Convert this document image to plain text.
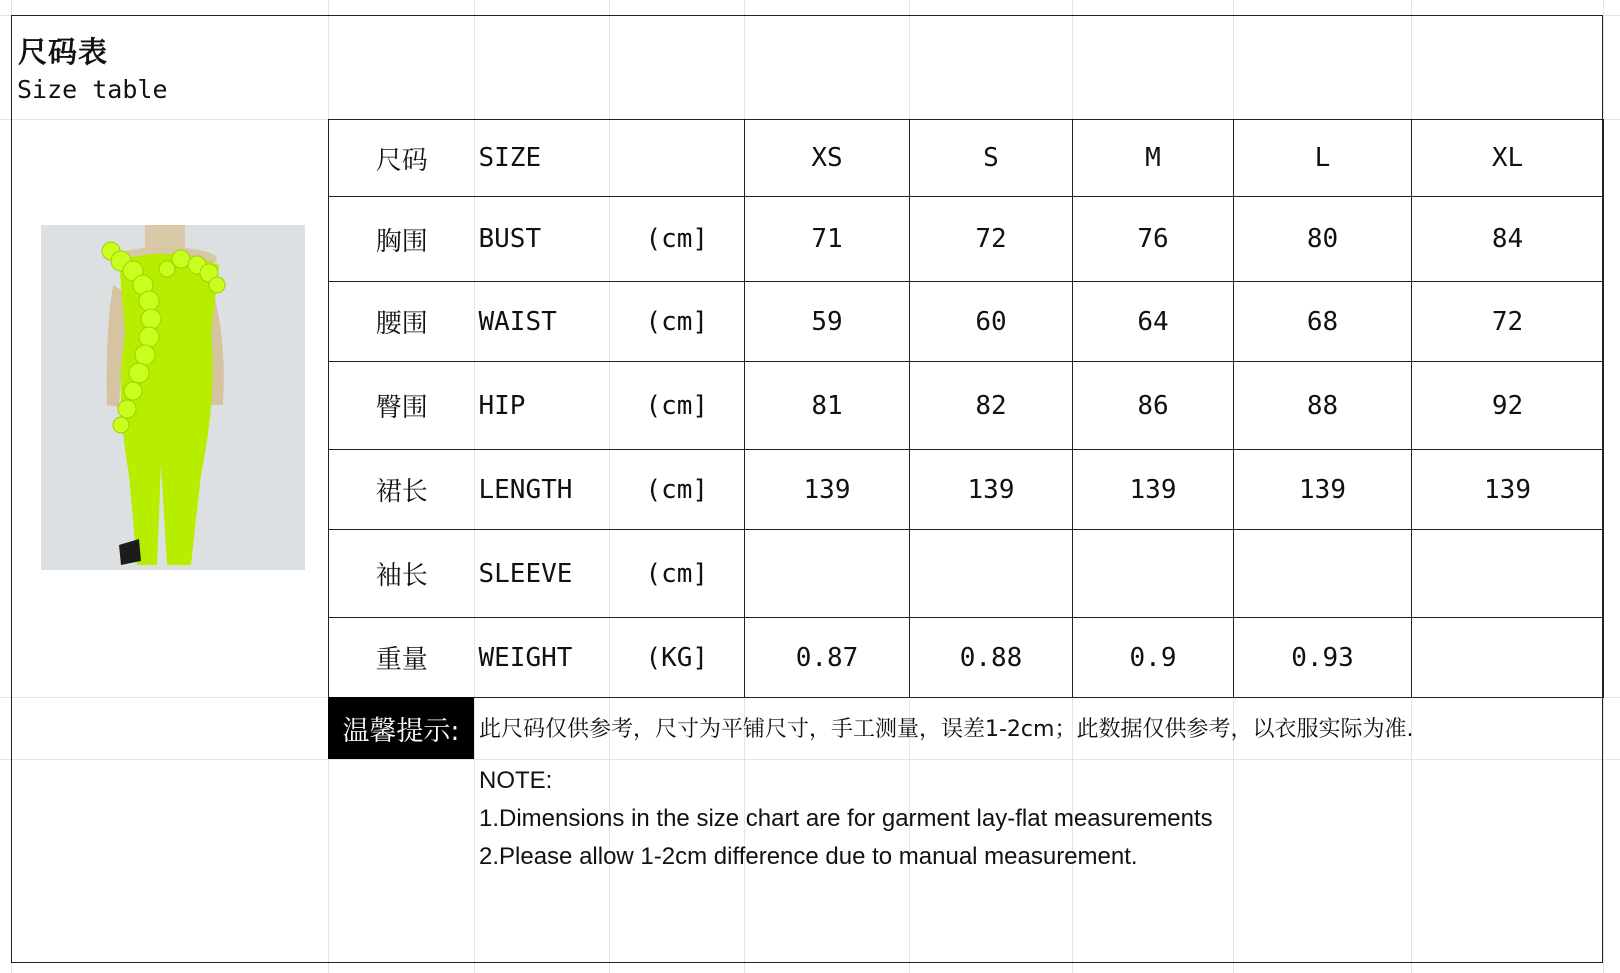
尺码表
Size table
尺码	SIZE		XS	S	M	L	XL
胸围	BUST	(cm]	71	72	76	80	84
腰围	WAIST	(cm]	59	60	64	68	72
臀围	HIP	(cm]	81	82	86	88	92
裙长	LENGTH	(cm]	139	139	139	139	139
袖长	SLEEVE	(cm]					
重量	WEIGHT	(KG]	0.87	0.88	0.9	0.93	
温馨提示: 此尺码仅供参考，尺寸为平铺尺寸，手工测量，误差1-2cm；此数据仅供参考，以衣服实际为准.
NOTE:
1.Dimensions in the size chart are for garment lay-flat measurements
2.Please allow 1-2cm difference due to manual measurement.
